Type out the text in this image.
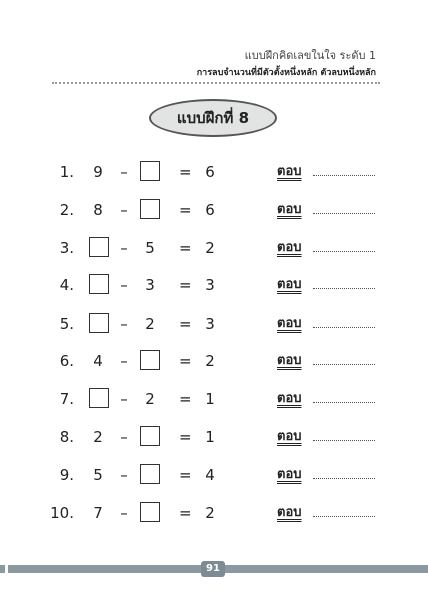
แบบฝึกคิดเลขในใจ ระดับ 1
การลบจำนวนที่มีตัวตั้งหนึ่งหลัก ตัวลบหนึ่งหลัก
แบบฝึกที่ 8
1. 9 –	= 6	ตอบ
2. 8 –	= 6	ตอบ
3.	–	5	= 2	ตอบ
4.	–	3	= 3	ตอบ
5.	–	2	= 3	ตอบ
6. 4 –	= 2	ตอบ
7.	–	2	= 1	ตอบ
8. 2 –	= 1	ตอบ
9. 5 –	= 4	ตอบ
10. 7 –	= 2	ตอบ
91
